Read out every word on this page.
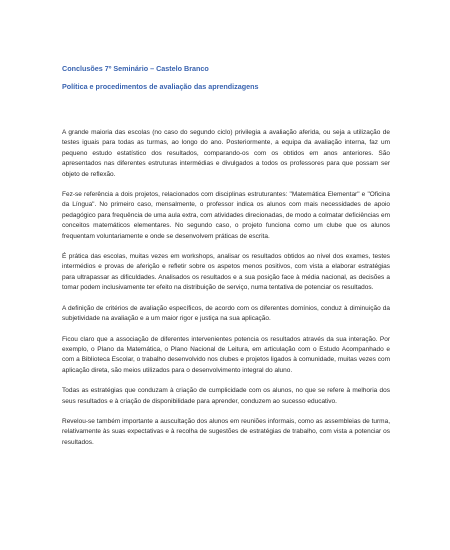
Conclusões 7º Seminário – Castelo Branco
Política e procedimentos de avaliação das aprendizagens

A grande maioria das escolas (no caso do segundo ciclo) privilegia a avaliação aferida, ou seja a utilização de testes iguais para todas as turmas, ao longo do ano. Posteriormente, a equipa da avaliação interna, faz um pequeno estudo estatístico dos resultados, comparando-os com os obtidos em anos anteriores. São apresentados nas diferentes estruturas intermédias e divulgados a todos os professores para que possam ser objeto de reflexão.

Fez-se referência a dois projetos, relacionados com disciplinas estruturantes: "Matemática Elementar" e "Oficina da Língua". No primeiro caso, mensalmente, o professor indica os alunos com mais necessidades de apoio pedagógico para frequência de uma aula extra, com atividades direcionadas, de modo a colmatar deficiências em conceitos matemáticos elementares. No segundo caso, o projeto funciona como um clube que os alunos frequentam voluntariamente e onde se desenvolvem práticas de escrita.

É prática das escolas, muitas vezes em workshops, analisar os resultados obtidos ao nível dos exames, testes intermédios e provas de aferição e refletir sobre os aspetos menos positivos, com vista a elaborar estratégias para ultrapassar as dificuldades. Analisados os resultados e a sua posição face à média nacional, as decisões a tomar podem inclusivamente ter efeito na distribuição de serviço, numa tentativa de potenciar os resultados.

A definição de critérios de avaliação específicos, de acordo com os diferentes domínios, conduz à diminuição da subjetividade na avaliação e a um maior rigor e justiça na sua aplicação.

Ficou claro que a associação de diferentes intervenientes potencia os resultados através da sua interação. Por exemplo, o Plano da Matemática, o Plano Nacional de Leitura, em articulação com o Estudo Acompanhado e com a Biblioteca Escolar, o trabalho desenvolvido nos clubes e projetos ligados à comunidade, muitas vezes com aplicação direta, são meios utilizados para o desenvolvimento integral do aluno.

Todas as estratégias que conduzam à criação de cumplicidade com os alunos, no que se refere à melhoria dos seus resultados e à criação de disponibilidade para aprender, conduzem ao sucesso educativo.

Revelou-se também importante a auscultação dos alunos em reuniões informais, como as assembleias de turma, relativamente às suas expectativas e à recolha de sugestões de estratégias de trabalho, com vista a potenciar os resultados.
